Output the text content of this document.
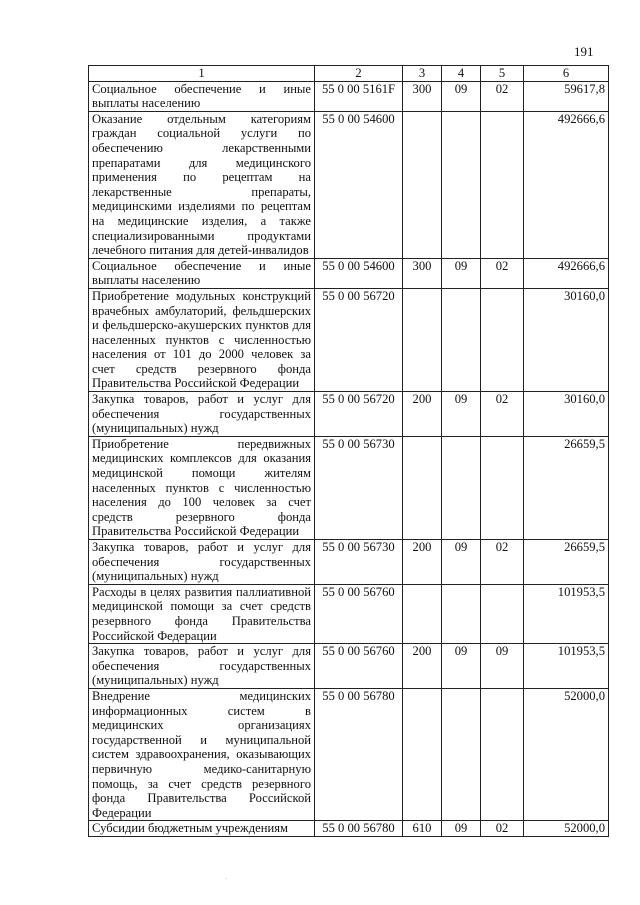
191
1	2	3	4	5	6
Социальное обеспечение и иные выплаты населению	55 0 00 5161F	300	09	02	59617,8
Оказание отдельным категориям граждан социальной услуги по обеспечению лекарственными препаратами для медицинского применения по рецептам на лекарственные препараты, медицинскими изделиями по рецептам на медицинские изделия, а также специализированными продуктами лечебного питания для детей-инвалидов	55 0 00 54600				492666,6
Социальное обеспечение и иные выплаты населению	55 0 00 54600	300	09	02	492666,6
Приобретение модульных конструкций врачебных амбулаторий, фельдшерских и фельдшерско-акушерских пунктов для населенных пунктов с численностью населения от 101 до 2000 человек за счет средств резервного фонда Правительства Российской Федерации	55 0 00 56720				30160,0
Закупка товаров, работ и услуг для обеспечения государственных (муниципальных) нужд	55 0 00 56720	200	09	02	30160,0
Приобретение передвижных медицинских комплексов для оказания медицинской помощи жителям населенных пунктов с численностью населения до 100 человек за счет средств резервного фонда Правительства Российской Федерации	55 0 00 56730				26659,5
Закупка товаров, работ и услуг для обеспечения государственных (муниципальных) нужд	55 0 00 56730	200	09	02	26659,5
Расходы в целях развития паллиативной медицинской помощи за счет средств резервного фонда Правительства Российской Федерации	55 0 00 56760				101953,5
Закупка товаров, работ и услуг для обеспечения государственных (муниципальных) нужд	55 0 00 56760	200	09	09	101953,5
Внедрение медицинских информационных систем в медицинских организациях государственной и муниципальной систем здравоохранения, оказывающих первичную медико-санитарную помощь, за счет средств резервного фонда Правительства Российской Федерации	55 0 00 56780				52000,0
Субсидии бюджетным учреждениям	55 0 00 56780	610	09	02	52000,0
